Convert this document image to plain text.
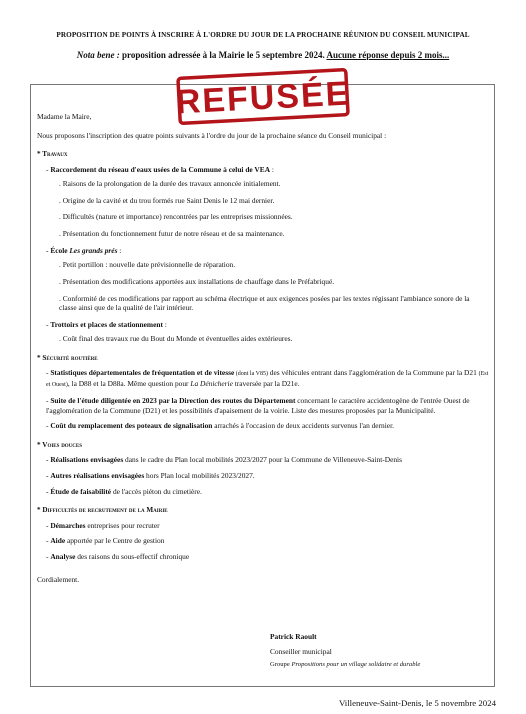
PROPOSITION DE POINTS À INSCRIRE À L'ORDRE DU JOUR DE LA PROCHAINE RÉUNION DU CONSEIL MUNICIPAL
Nota bene : proposition adressée à la Mairie le 5 septembre 2024. Aucune réponse depuis 2 mois...

Madame la Maire,

Nous proposons l'inscription des quatre points suivants à l'ordre du jour de la prochaine séance du Conseil municipal :

* Travaux

- Raccordement du réseau d'eaux usées de la Commune à celui de VEA :

. Raisons de la prolongation de la durée des travaux annoncée initialement.

. Origine de la cavité et du trou formés rue Saint Denis le 12 mai dernier.

. Difficultés (nature et importance) rencontrées par les entreprises missionnées.

. Présentation du fonctionnement futur de notre réseau et de sa maintenance.

- École Les grands prés :

. Petit portillon : nouvelle date prévisionnelle de réparation.

. Présentation des modifications apportées aux installations de chauffage dans le Préfabriqué.

. Conformité de ces modifications par rapport au schéma électrique et aux exigences posées par les textes régissant l'ambiance sonore de la classe ainsi que de la qualité de l'air intérieur.

- Trottoirs et places de stationnement :

. Coût final des travaux rue du Bout du Monde et éventuelles aides extérieures.

* Sécurité routière

- Statistiques départementales de fréquentation et de vitesse (dont la V85) des véhicules entrant dans l'agglomération de la Commune par la D21 (Est et Ouest), la D88 et la D88a. Même question pour La Dénicherie traversée par la D21e.

- Suite de l'étude diligentée en 2023 par la Direction des routes du Département concernant le caractère accidentogène de l'entrée Ouest de l'agglomération de la Commune (D21) et les possibilités d'apaisement de la voirie. Liste des mesures proposées par la Municipalité.

- Coût du remplacement des poteaux de signalisation arrachés à l'occasion de deux accidents survenus l'an dernier.

* Voies douces

- Réalisations envisagées dans le cadre du Plan local mobilités 2023/2027 pour la Commune de Villeneuve-Saint-Denis

- Autres réalisations envisagées hors Plan local mobilités 2023/2027.

- Étude de faisabilité de l'accès piéton du cimetière.

* Difficultés de recrutement de la Mairie

- Démarches entreprises pour recruter

- Aide apportée par le Centre de gestion

- Analyse des raisons du sous-effectif chronique

Cordialement.

Patrick Raoult

Conseiller municipal

Groupe Propositions pour un village solidaire et durable

Villeneuve-Saint-Denis, le 5 novembre 2024
REFUSÉE
